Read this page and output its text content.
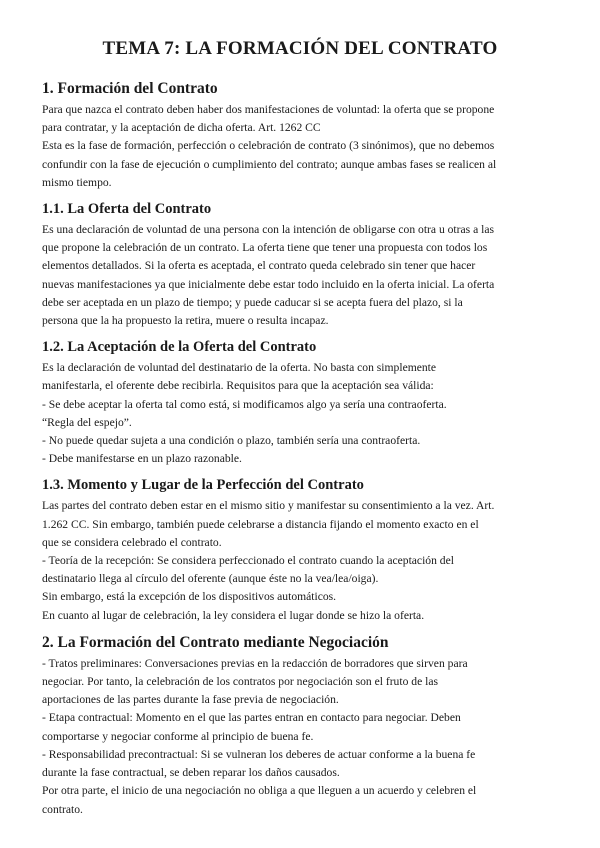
TEMA 7: LA FORMACIÓN DEL CONTRATO
1. Formación del Contrato

Para que nazca el contrato deben haber dos manifestaciones de voluntad: la oferta que se propone

para contratar, y la aceptación de dicha oferta. Art. 1262 CC

Esta es la fase de formación, perfección o celebración de contrato (3 sinónimos), que no debemos

confundir con la fase de ejecución o cumplimiento del contrato; aunque ambas fases se realicen al

mismo tiempo.

1.1. La Oferta del Contrato

Es una declaración de voluntad de una persona con la intención de obligarse con otra u otras a las

que propone la celebración de un contrato. La oferta tiene que tener una propuesta con todos los

elementos detallados. Si la oferta es aceptada, el contrato queda celebrado sin tener que hacer

nuevas manifestaciones ya que inicialmente debe estar todo incluido en la oferta inicial. La oferta

debe ser aceptada en un plazo de tiempo; y puede caducar si se acepta fuera del plazo, si la

persona que la ha propuesto la retira, muere o resulta incapaz.

1.2. La Aceptación de la Oferta del Contrato

Es la declaración de voluntad del destinatario de la oferta. No basta con simplemente

manifestarla, el oferente debe recibirla. Requisitos para que la aceptación sea válida:

- Se debe aceptar la oferta tal como está, si modificamos algo ya sería una contraoferta.

“Regla del espejo”.

- No puede quedar sujeta a una condición o plazo, también sería una contraoferta.

- Debe manifestarse en un plazo razonable.

1.3. Momento y Lugar de la Perfección del Contrato

Las partes del contrato deben estar en el mismo sitio y manifestar su consentimiento a la vez. Art.

1.262 CC. Sin embargo, también puede celebrarse a distancia fijando el momento exacto en el

que se considera celebrado el contrato.

- Teoría de la recepción: Se considera perfeccionado el contrato cuando la aceptación del

destinatario llega al círculo del oferente (aunque éste no la vea/lea/oiga).

Sin embargo, está la excepción de los dispositivos automáticos.

En cuanto al lugar de celebración, la ley considera el lugar donde se hizo la oferta.

2. La Formación del Contrato mediante Negociación

- Tratos preliminares: Conversaciones previas en la redacción de borradores que sirven para

negociar. Por tanto, la celebración de los contratos por negociación son el fruto de las

aportaciones de las partes durante la fase previa de negociación.

- Etapa contractual: Momento en el que las partes entran en contacto para negociar. Deben

comportarse y negociar conforme al principio de buena fe.

- Responsabilidad precontractual: Si se vulneran los deberes de actuar conforme a la buena fe

durante la fase contractual, se deben reparar los daños causados.

Por otra parte, el inicio de una negociación no obliga a que lleguen a un acuerdo y celebren el

contrato.
